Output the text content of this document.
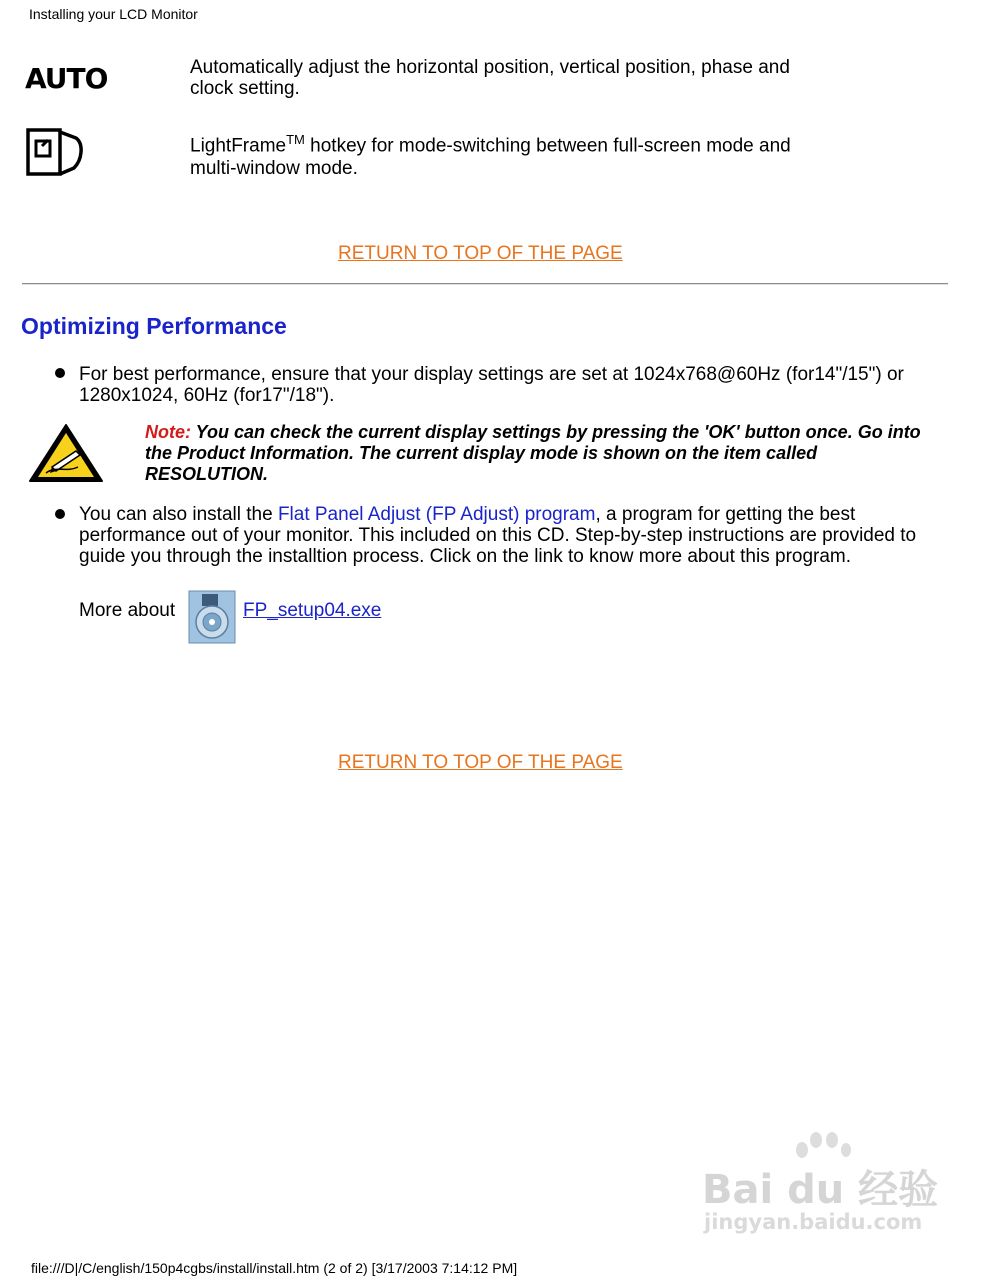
Installing your LCD Monitor
AUTO	Automatically adjust the horizontal position, vertical position, phase and clock setting.
LightFrame™ hotkey for mode-switching between full-screen mode and multi-window mode.
RETURN TO TOP OF THE PAGE
Optimizing Performance
For best performance, ensure that your display settings are set at 1024x768@60Hz (for14"/15") or 1280x1024, 60Hz (for17"/18").
Note: You can check the current display settings by pressing the 'OK' button once. Go into the Product Information. The current display mode is shown on the item called RESOLUTION.
You can also install the Flat Panel Adjust (FP Adjust) program, a program for getting the best performance out of your monitor. This included on this CD. Step-by-step instructions are provided to guide you through the installtion process. Click on the link to know more about this program.
More about	FP_setup04.exe
RETURN TO TOP OF THE PAGE
Bai du 经验
jingyan.baidu.com
file:///D|/C/english/150p4cgbs/install/install.htm (2 of 2) [3/17/2003 7:14:12 PM]
